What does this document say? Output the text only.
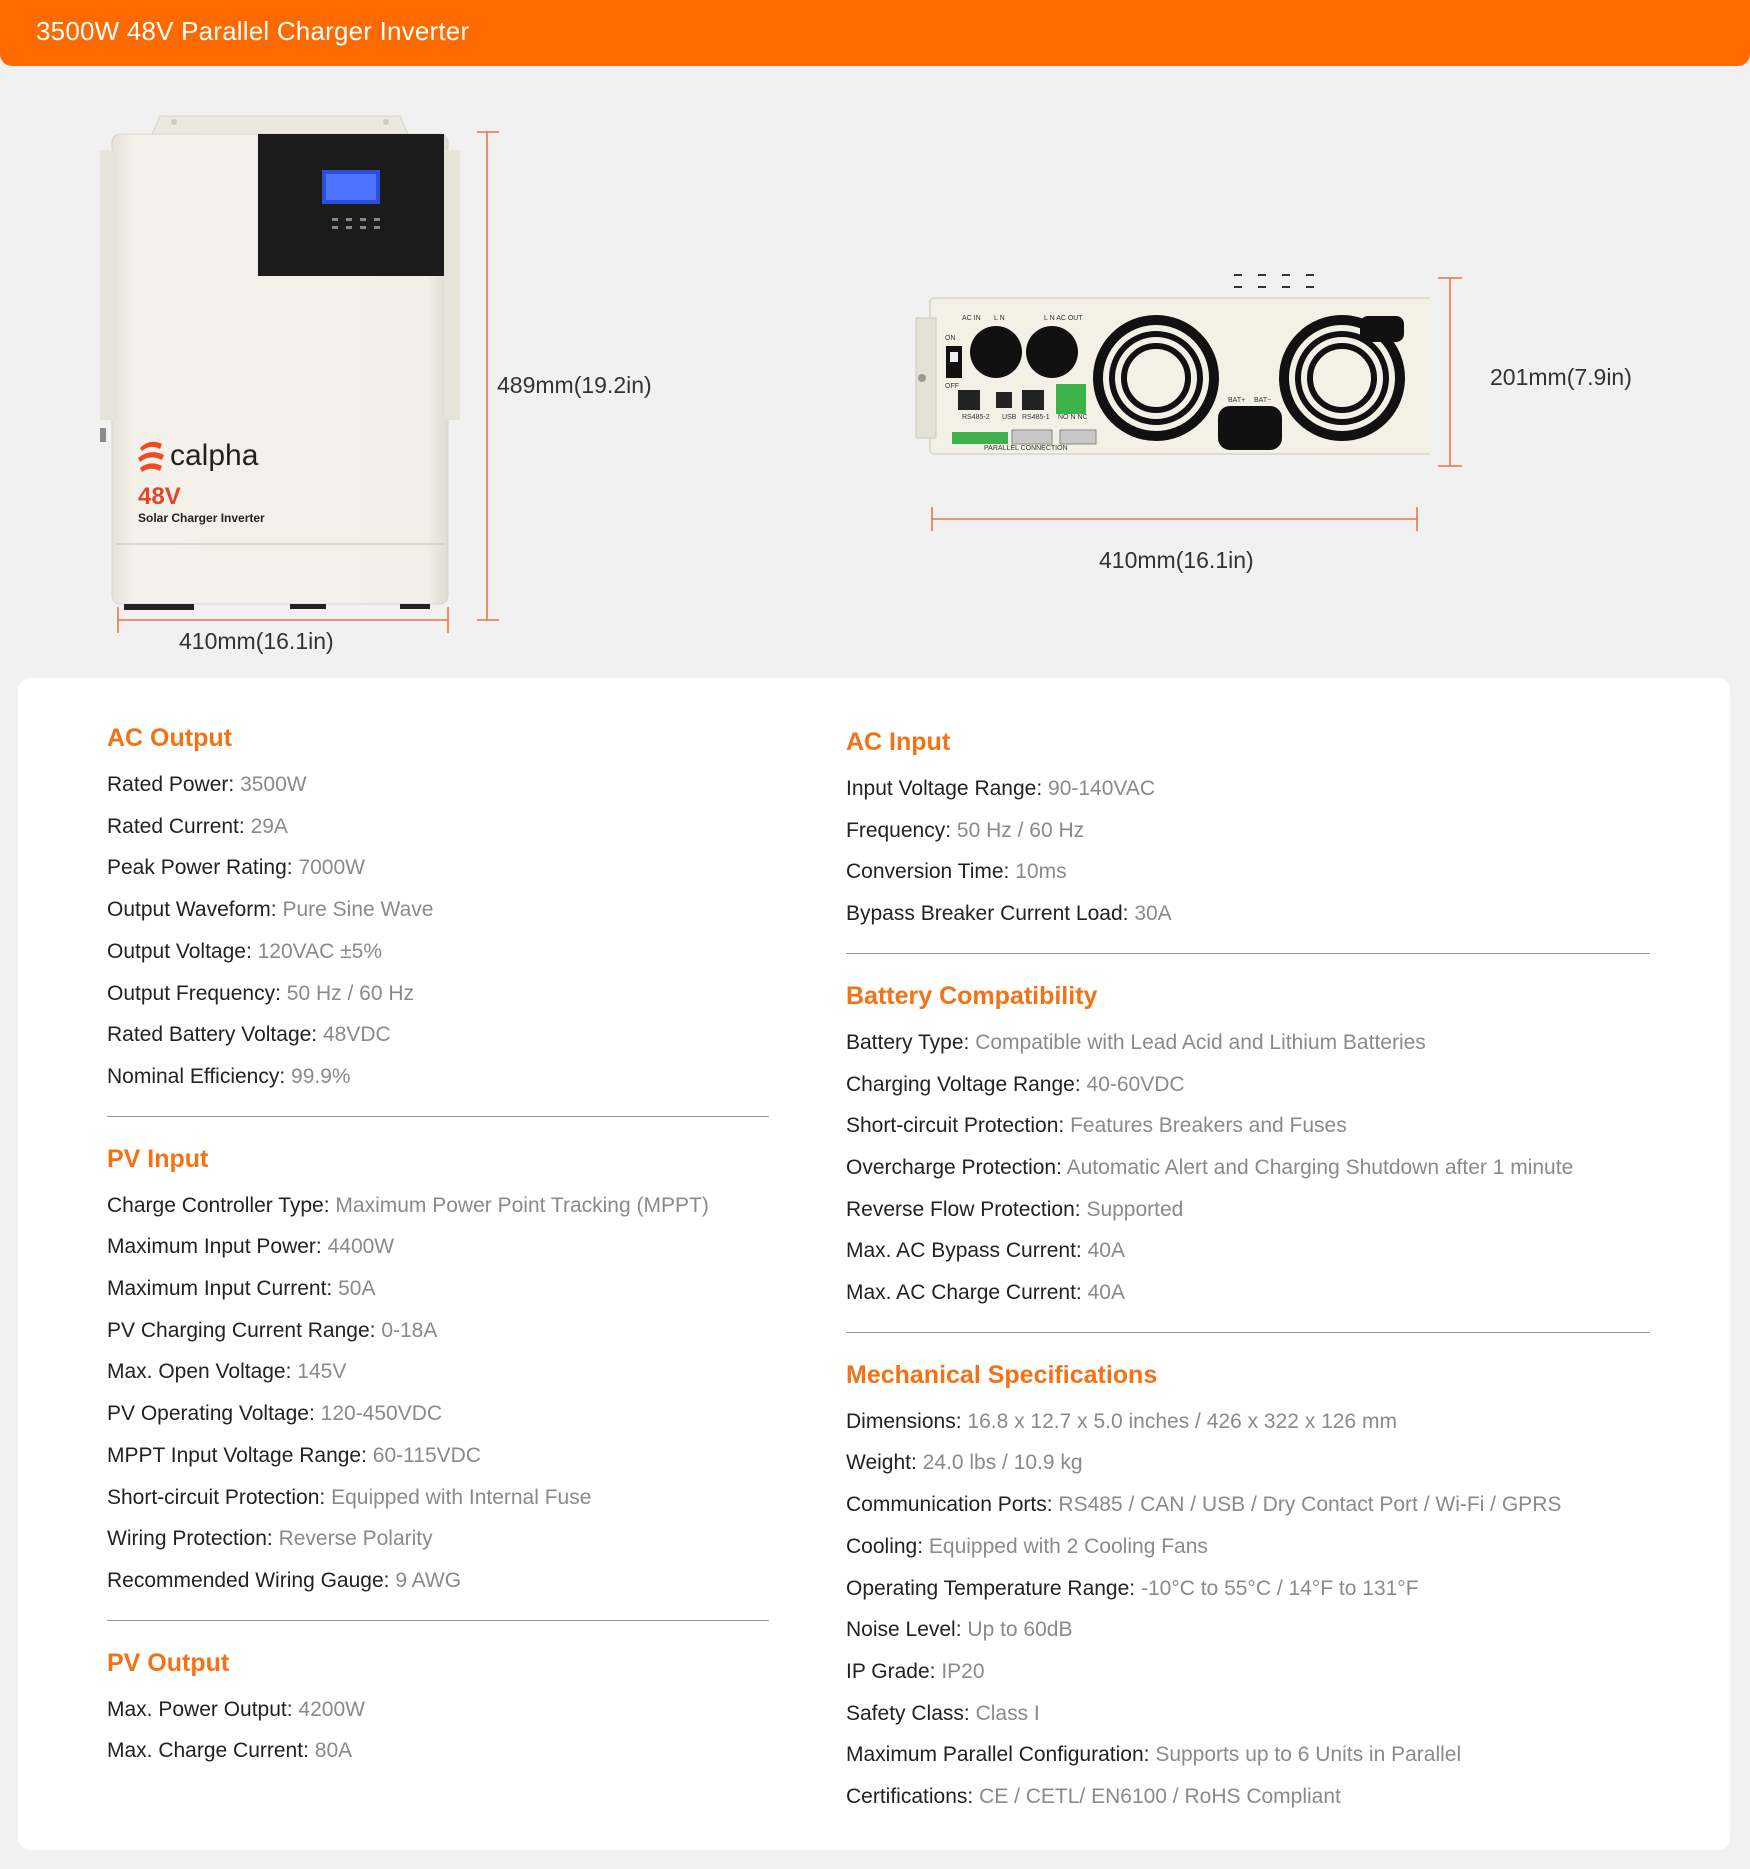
3500W 48V Parallel Charger Inverter
calpha
48V
Solar Charger Inverter
489mm(19.2in)
410mm(16.1in)
201mm(7.9in)
410mm(16.1in)
AC IN L N	L N AC OUT
ON
OFF
RS485-2 USB RS485-1 NO N NC
PARALLEL CONNECTION
BAT+ BAT−
AC Output
Rated Power: 3500W
Rated Current: 29A
Peak Power Rating: 7000W
Output Waveform: Pure Sine Wave
Output Voltage: 120VAC ±5%
Output Frequency: 50 Hz / 60 Hz
Rated Battery Voltage: 48VDC
Nominal Efficiency: 99.9%
PV Input
Charge Controller Type: Maximum Power Point Tracking (MPPT)
Maximum Input Power: 4400W
Maximum Input Current: 50A
PV Charging Current Range: 0-18A
Max. Open Voltage: 145V
PV Operating Voltage: 120-450VDC
MPPT Input Voltage Range: 60-115VDC
Short-circuit Protection: Equipped with Internal Fuse
Wiring Protection: Reverse Polarity
Recommended Wiring Gauge: 9 AWG
PV Output
Max. Power Output: 4200W
Max. Charge Current: 80A
AC Input
Input Voltage Range: 90-140VAC
Frequency: 50 Hz / 60 Hz
Conversion Time: 10ms
Bypass Breaker Current Load: 30A
Battery Compatibility
Battery Type: Compatible with Lead Acid and Lithium Batteries
Charging Voltage Range: 40-60VDC
Short-circuit Protection: Features Breakers and Fuses
Overcharge Protection: Automatic Alert and Charging Shutdown after 1 minute
Reverse Flow Protection: Supported
Max. AC Bypass Current: 40A
Max. AC Charge Current: 40A
Mechanical Specifications
Dimensions: 16.8 x 12.7 x 5.0 inches / 426 x 322 x 126 mm
Weight: 24.0 lbs / 10.9 kg
Communication Ports: RS485 / CAN / USB / Dry Contact Port / Wi-Fi / GPRS
Cooling: Equipped with 2 Cooling Fans
Operating Temperature Range: -10°C to 55°C / 14°F to 131°F
Noise Level: Up to 60dB
IP Grade: IP20
Safety Class: Class I
Maximum Parallel Configuration: Supports up to 6 Units in Parallel
Certifications: CE / CETL/ EN6100 / RoHS Compliant
